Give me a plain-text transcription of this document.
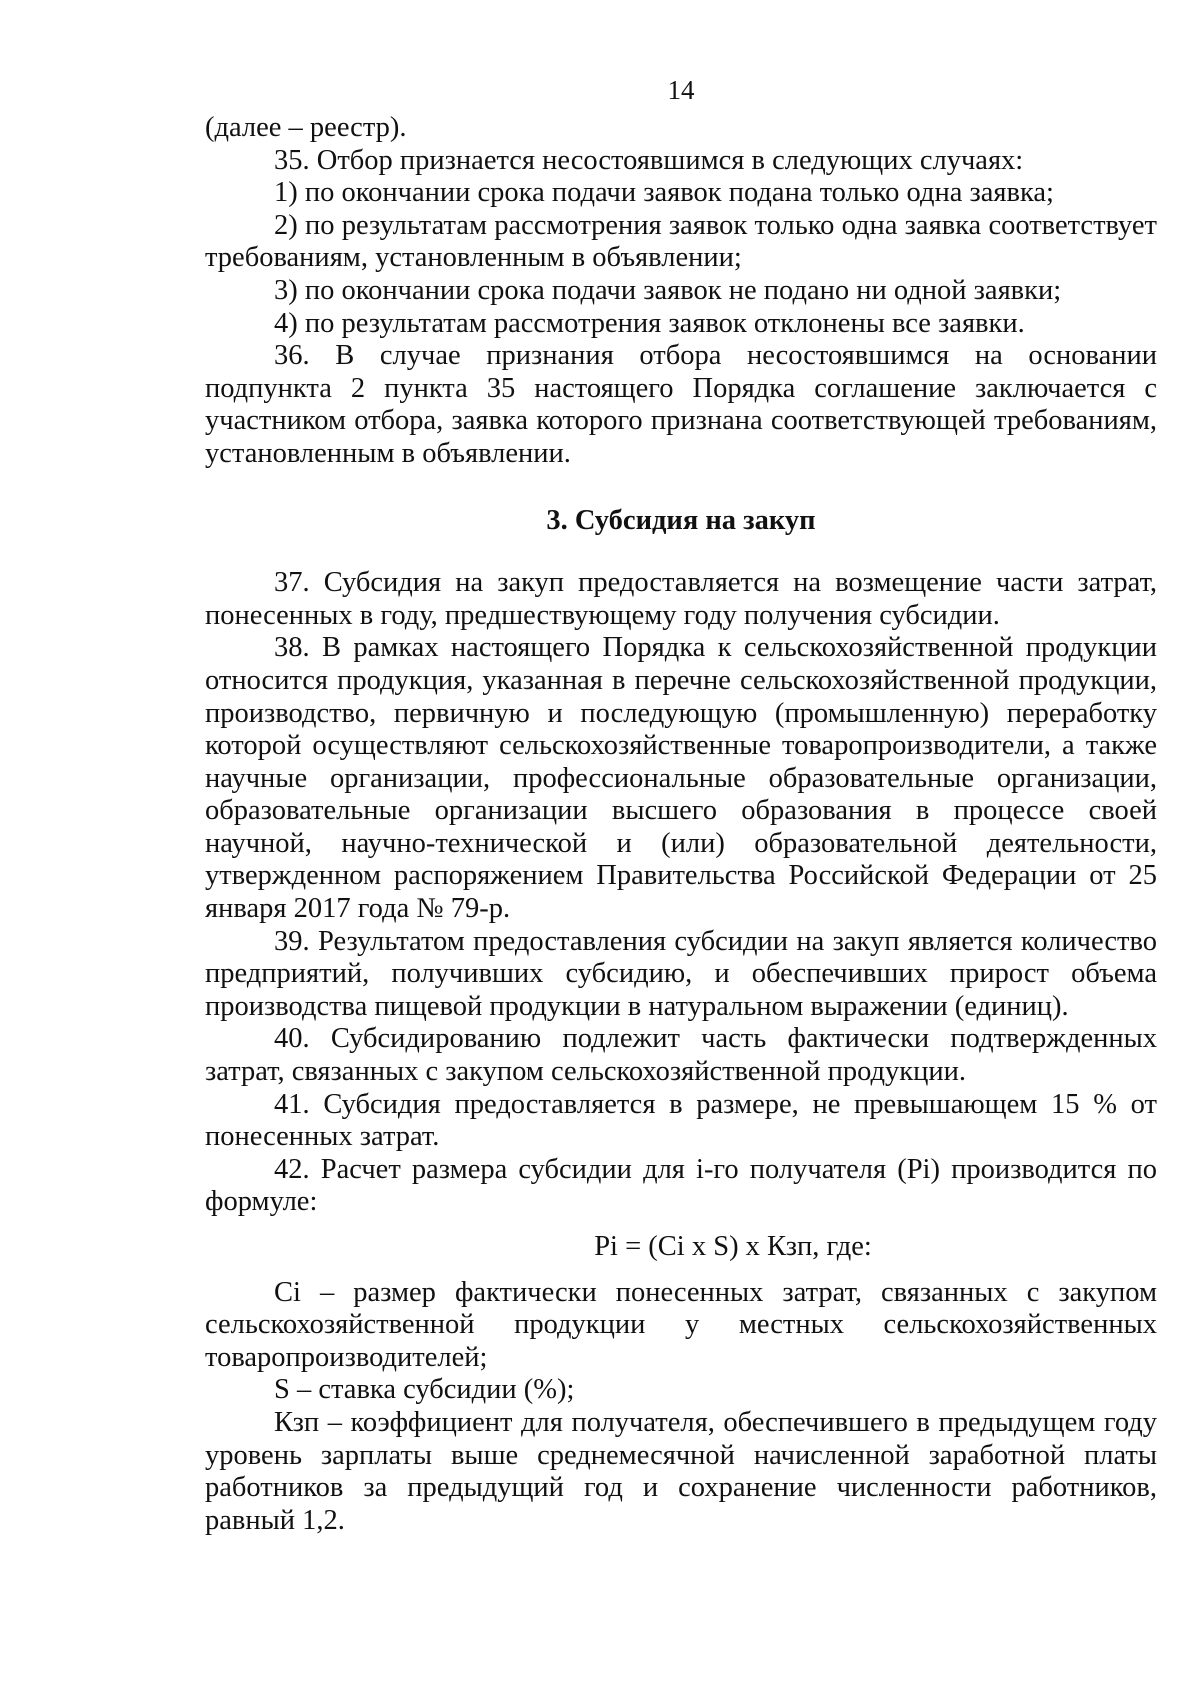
14

(далее – реестр).

35. Отбор признается несостоявшимся в следующих случаях:

1) по окончании срока подачи заявок подана только одна заявка;

2) по результатам рассмотрения заявок только одна заявка соответствует требованиям, установленным в объявлении;

3) по окончании срока подачи заявок не подано ни одной заявки;

4) по результатам рассмотрения заявок отклонены все заявки.

36. В случае признания отбора несостоявшимся на основании подпункта 2 пункта 35 настоящего Порядка соглашение заключается с участником отбора, заявка которого признана соответствующей требованиям, установленным в объявлении.

3. Субсидия на закуп

37. Субсидия на закуп предоставляется на возмещение части затрат, понесенных в году, предшествующему году получения субсидии.

38. В рамках настоящего Порядка к сельскохозяйственной продукции относится продукция, указанная в перечне сельскохозяйственной продукции, производство, первичную и последующую (промышленную) переработку которой осуществляют сельскохозяйственные товаропроизводители, а также научные организации, профессиональные образовательные организации, образовательные организации высшего образования в процессе своей научной, научно-технической и (или) образовательной деятельности, утвержденном распоряжением Правительства Российской Федерации от 25 января 2017 года № 79-р.

39. Результатом предоставления субсидии на закуп является количество предприятий, получивших субсидию, и обеспечивших прирост объема производства пищевой продукции в натуральном выражении (единиц).

40. Субсидированию подлежит часть фактически подтвержденных затрат, связанных с закупом сельскохозяйственной продукции.

41. Субсидия предоставляется в размере, не превышающем 15 % от понесенных затрат.

42. Расчет размера субсидии для i-го получателя (Pi) производится по формуле:

Pi = (Ci x S) x Кзп, где:

Ci – размер фактически понесенных затрат, связанных с закупом сельскохозяйственной продукции у местных сельскохозяйственных товаропроизводителей;

S – ставка субсидии (%);

Кзп – коэффициент для получателя, обеспечившего в предыдущем году уровень зарплаты выше среднемесячной начисленной заработной платы работников за предыдущий год и сохранение численности работников, равный 1,2.
